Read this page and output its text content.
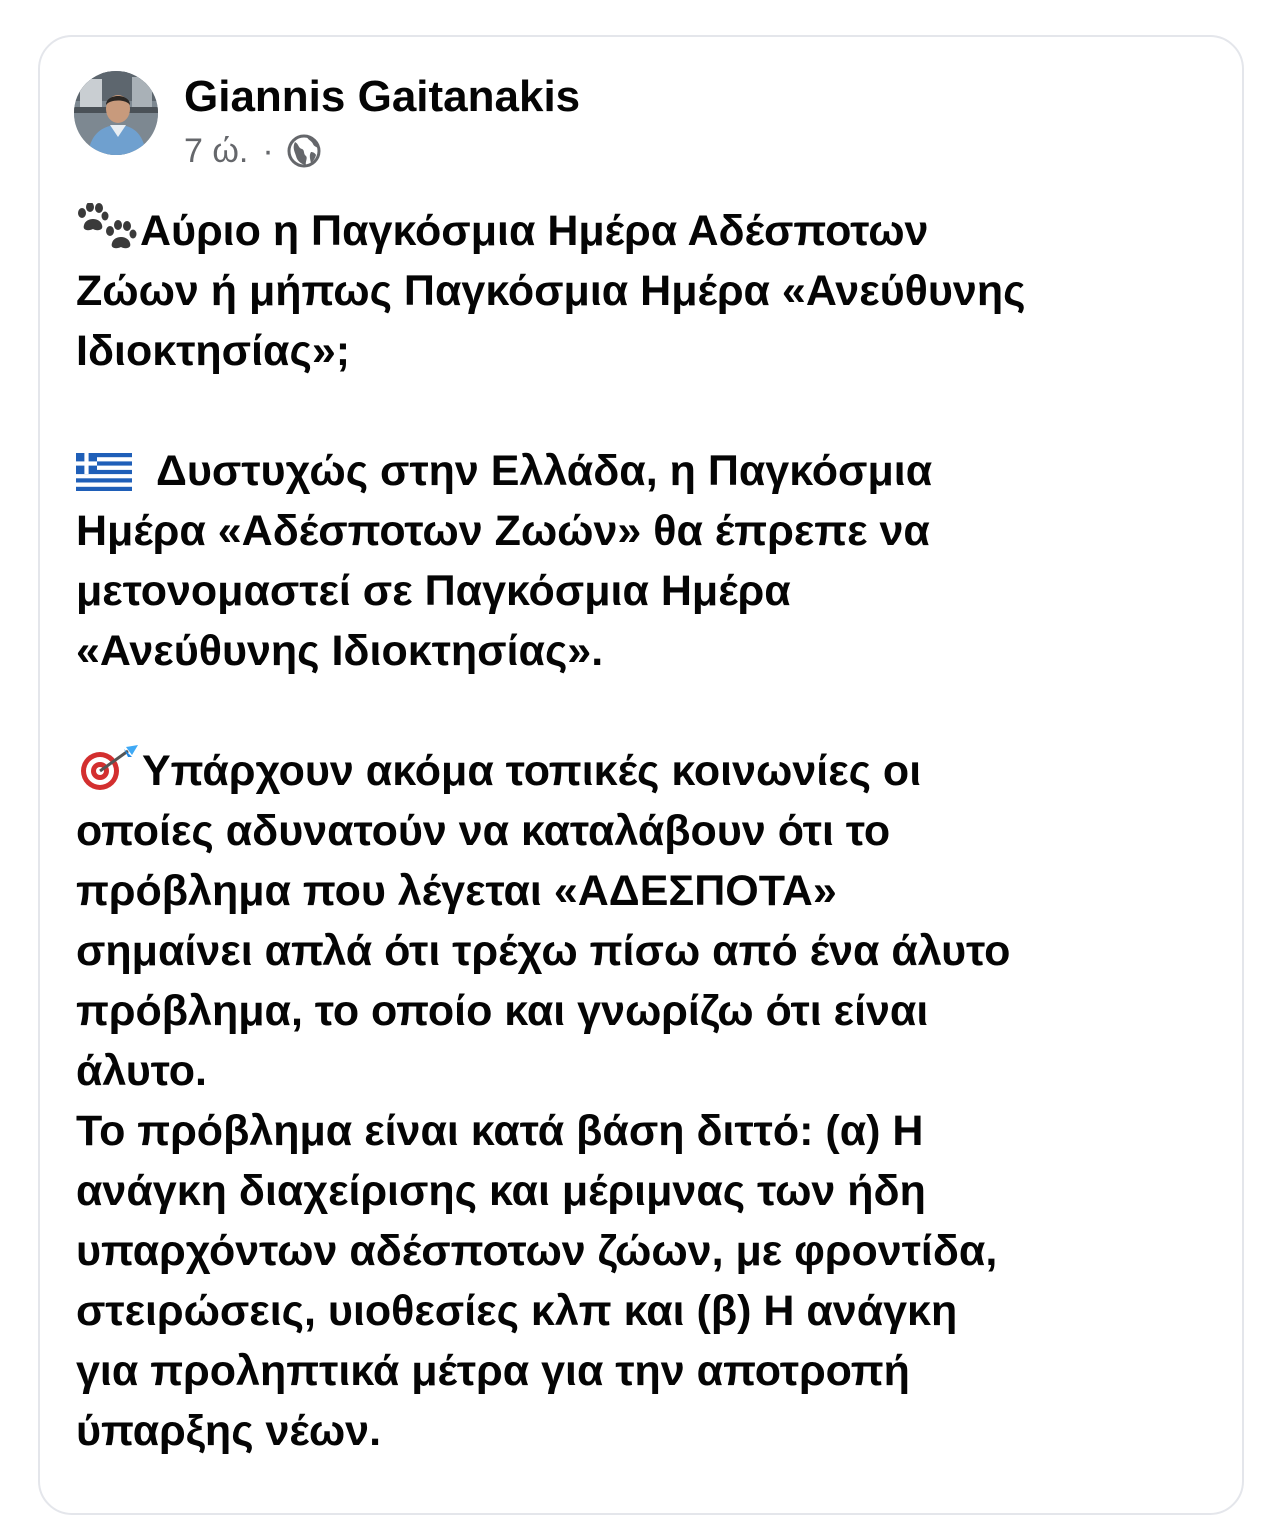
Giannis Gaitanakis
7 ώ. ·

Αύριο η Παγκόσμια Ημέρα Αδέσποτων
Ζώων ή μήπως Παγκόσμια Ημέρα «Ανεύθυνης
Ιδιοκτησίας»;

Δυστυχώς στην Ελλάδα, η Παγκόσμια
Ημέρα «Αδέσποτων Ζωών» θα έπρεπε να
μετονομαστεί σε Παγκόσμια Ημέρα
«Ανεύθυνης Ιδιοκτησίας».

Υπάρχουν ακόμα τοπικές κοινωνίες οι
οποίες αδυνατούν να καταλάβουν ότι το
πρόβλημα που λέγεται «ΑΔΕΣΠΟΤΑ»
σημαίνει απλά ότι τρέχω πίσω από ένα άλυτο
πρόβλημα, το οποίο και γνωρίζω ότι είναι
άλυτο.
Το πρόβλημα είναι κατά βάση διττό: (α) Η
ανάγκη διαχείρισης και μέριμνας των ήδη
υπαρχόντων αδέσποτων ζώων, με φροντίδα,
στειρώσεις, υιοθεσίες κλπ και (β) Η ανάγκη
για προληπτικά μέτρα για την αποτροπή
ύπαρξης νέων.
